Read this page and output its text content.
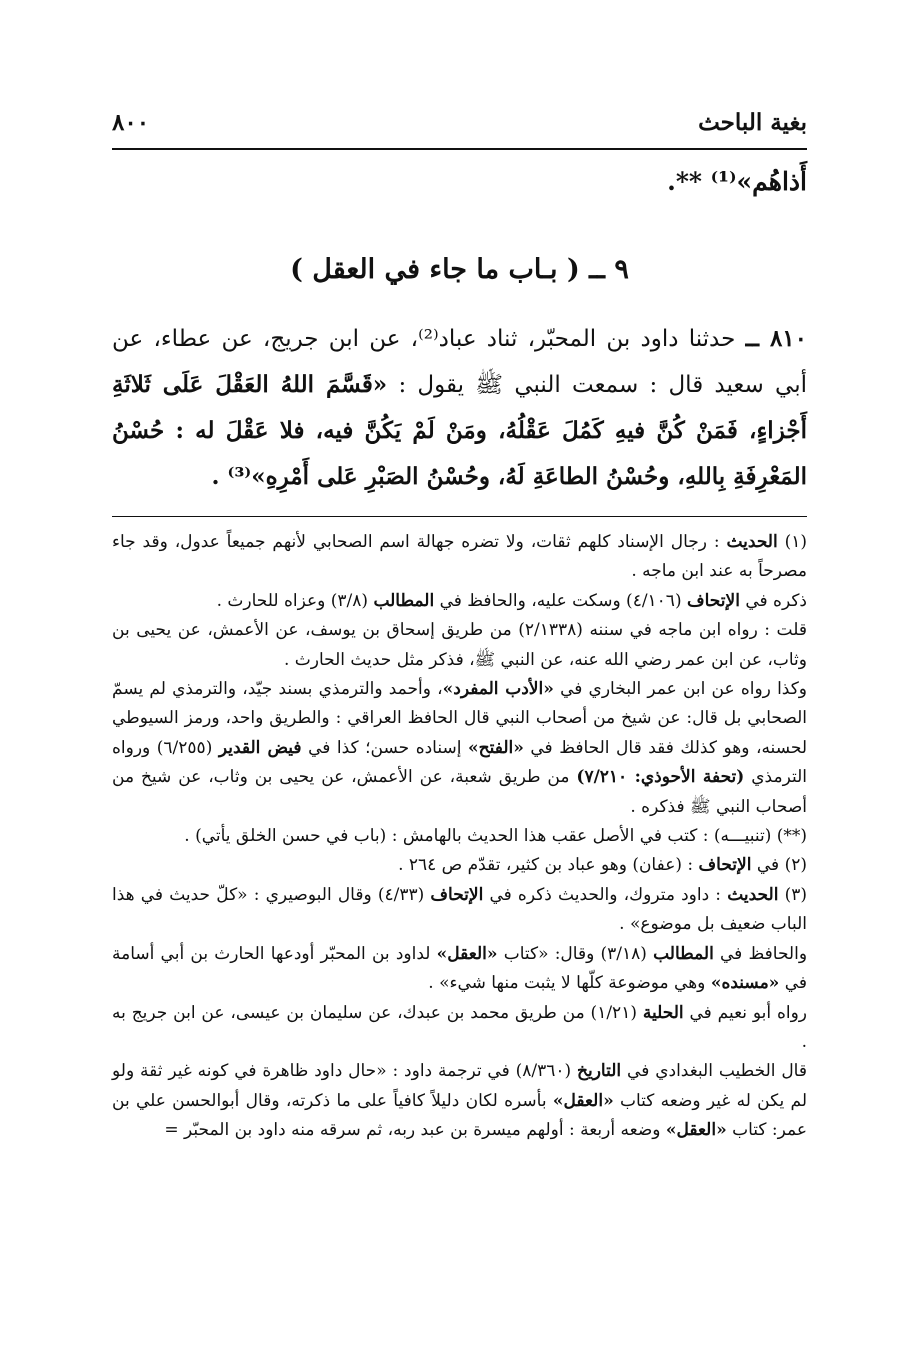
بغية الباحث
٨٠٠
أَذاهُم»⁽¹⁾ **.
٩ ــ ( بـاب ما جاء في العقل )
٨١٠ ــ حدثنا داود بن المحبّر، ثناد عباد⁽²⁾، عن ابن جريج، عن عطاء، عن أبي سعيد قال : سمعت النبي ﷺ يقول : «قَسَّمَ اللهُ العَقْلَ عَلَى ثَلاثَةِ أَجْزاءٍ، فَمَنْ كُنَّ فيهِ كَمُلَ عَقْلُهُ، ومَنْ لَمْ يَكُنَّ فيه، فلا عَقْلَ له : حُسْنُ المَعْرِفَةِ بِاللهِ، وحُسْنُ الطاعَةِ لَهُ، وحُسْنُ الصَبْرِ عَلى أَمْرِهِ»⁽³⁾ .

(١) الحديث : رجال الإسناد كلهم ثقات، ولا تضره جهالة اسم الصحابي لأنهم جميعاً عدول، وقد جاء مصرحاً به عند ابن ماجه .

ذكره في الإتحاف (٤/١٠٦) وسكت عليه، والحافظ في المطالب (٣/٨) وعزاه للحارث .

قلت : رواه ابن ماجه في سننه (٢/١٣٣٨) من طريق إسحاق بن يوسف، عن الأعمش، عن يحيى بن وثاب، عن ابن عمر رضي الله عنه، عن النبي ﷺ، فذكر مثل حديث الحارث .

وكذا رواه عن ابن عمر البخاري في «الأدب المفرد»، وأحمد والترمذي بسند جيّد، والترمذي لم يسمّ الصحابي بل قال: عن شيخ من أصحاب النبي قال الحافظ العراقي : والطريق واحد، ورمز السيوطي لحسنه، وهو كذلك فقد قال الحافظ في «الفتح» إسناده حسن؛ كذا في فيض القدير (٦/٢٥٥) ورواه الترمذي (تحفة الأحوذي: ٧/٢١٠) من طريق شعبة، عن الأعمش، عن يحيى بن وثاب، عن شيخ من أصحاب النبي ﷺ فذكره .

(**) (تنبيـــه) : كتب في الأصل عقب هذا الحديث بالهامش : (باب في حسن الخلق يأتي) .

(٢) في الإتحاف : (عفان) وهو عباد بن كثير، تقدّم ص ٢٦٤ .

(٣) الحديث : داود متروك، والحديث ذكره في الإتحاف (٤/٣٣) وقال البوصيري : «كلّ حديث في هذا الباب ضعيف بل موضوع» .

والحافظ في المطالب (٣/١٨) وقال: «كتاب «العقل» لداود بن المحبّر أودعها الحارث بن أبي أسامة في «مسنده» وهي موضوعة كلّها لا يثبت منها شيء» .

رواه أبو نعيم في الحلية (١/٢١) من طريق محمد بن عبدك، عن سليمان بن عيسى، عن ابن جريج به .

قال الخطيب البغدادي في التاريخ (٨/٣٦٠) في ترجمة داود : «حال داود ظاهرة في كونه غير ثقة ولو لم يكن له غير وضعه كتاب «العقل» بأسره لكان دليلاً كافياً على ما ذكرته، وقال أبوالحسن علي بن عمر: كتاب «العقل» وضعه أربعة : أولهم ميسرة بن عبد ربه، ثم سرقه منه داود بن المحبّر =
